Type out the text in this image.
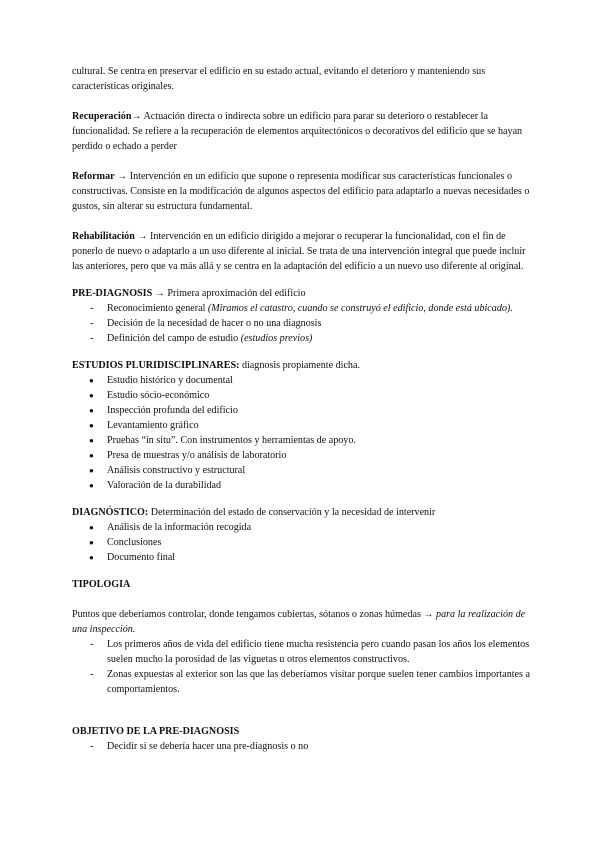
cultural. Se centra en preservar el edificio en su estado actual, evitando el deterioro y manteniendo sus características originales.

Recuperación→ Actuación directa o indirecta sobre un edificio para parar su deterioro o restablecer la funcionalidad. Se refiere a la recuperación de elementos arquitectónicos o decorativos del edificio que se hayan perdido o echado a perder

Reformar → Intervención en un edificio que supone o representa modificar sus características funcionales o constructivas. Consiste en la modificación de algunos aspectos del edificio para adaptarlo a nuevas necesidades o gustos, sin alterar su estructura fundamental.

Rehabilitación → Intervención en un edificio dirigido a mejorar o recuperar la funcionalidad, con el fin de ponerlo de nuevo o adaptarlo a un uso diferente al inicial. Se trata de una intervención integral que puede incluir las anteriores, pero que va más allá y se centra en la adaptación del edificio a un nuevo uso diferente al original.

PRE-DIAGNOSIS → Primera aproximación del edificio

- Reconocimiento general (Miramos el catastro, cuando se construyó el edificio, donde está ubicado).
- Decisión de la necesidad de hacer o no una diagnosis
- Definición del campo de estudio (estudios previos)

ESTUDIOS PLURIDISCIPLINARES: diagnosis propiamente dicha.

● Estudio histórico y documental
● Estudio sócio-económico
● Inspección profunda del edificio
● Levantamiento gráfico
● Pruebas “in situ”. Con instrumentos y herramientas de apoyo.
● Presa de muestras y/o análisis de laboratorio
● Análisis constructivo y estructural
● Valoración de la durabilidad

DIAGNÓSTICO: Determinación del estado de conservación y la necesidad de intervenir

● Análisis de la información recogida
● Conclusiones
● Documento final

TIPOLOGIA

Puntos que deberíamos controlar, donde tengamos cubiertas, sótanos o zonas húmedas → para la realización de una inspección.

- Los primeros años de vida del edificio tiene mucha resistencia pero cuando pasan los años los elementos suelen mucho la porosidad de las viguetas u otros elementos constructivos.
- Zonas expuestas al exterior son las que las deberíamos visitar porque suelen tener cambios importantes a comportamientos.

OBJETIVO DE LA PRE-DIAGNOSIS

- Decidir si se debería hacer una pre-diagnosis o no
